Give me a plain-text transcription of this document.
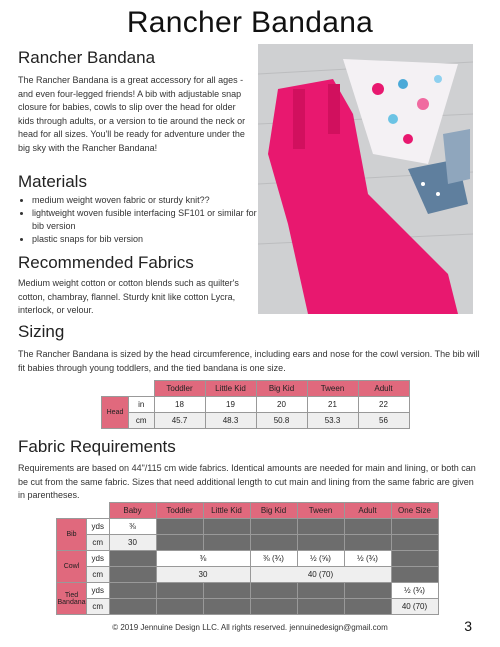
Rancher Bandana
Rancher Bandana
The Rancher Bandana is a great accessory for all ages - and even four-legged friends! A bib with adjustable snap closure for babies, cowls to slip over the head for older kids through adults, or a version to tie around the neck or head for all sizes. You'll be ready for adventure under the big sky with the Rancher Bandana!
Materials
• medium weight woven fabric or sturdy knit??
• lightweight woven fusible interfacing SF101 or similar for bib version
• plastic snaps for bib version
Recommended Fabrics
Medium weight cotton or cotton blends such as quilter's cotton, chambray, flannel. Sturdy knit like cotton Lycra, interlock, or velour.
Sizing
The Rancher Bandana is sized by the head circumference, including ears and nose for the cowl version. The bib will fit babies through young toddlers, and the tied bandana is one size.
		Toddler	Little Kid	Big Kid	Tween	Adult
Head	in	18	19	20	21	22
	cm	45.7	48.3	50.8	53.3	56
Fabric Requirements
Requirements are based on 44"/115 cm wide fabrics. Identical amounts are needed for main and lining, or both can be cut from the same fabric. Sizes that need additional length to cut main and lining from the same fabric are given in parentheses.
		Baby	Toddler	Little Kid	Big Kid	Tween	Adult	One Size
Bib	yds	⅜						
	cm	30						
Cowl	yds		⅜		⅜ (¾)	½ (⅝)	½ (¾)	
	cm		30		40 (70)			
Tied Bandana	yds							½ (¾)
	cm							40 (70)
© 2019 Jennuine Design LLC. All rights reserved. jennuinedesign@gmail.com	3
